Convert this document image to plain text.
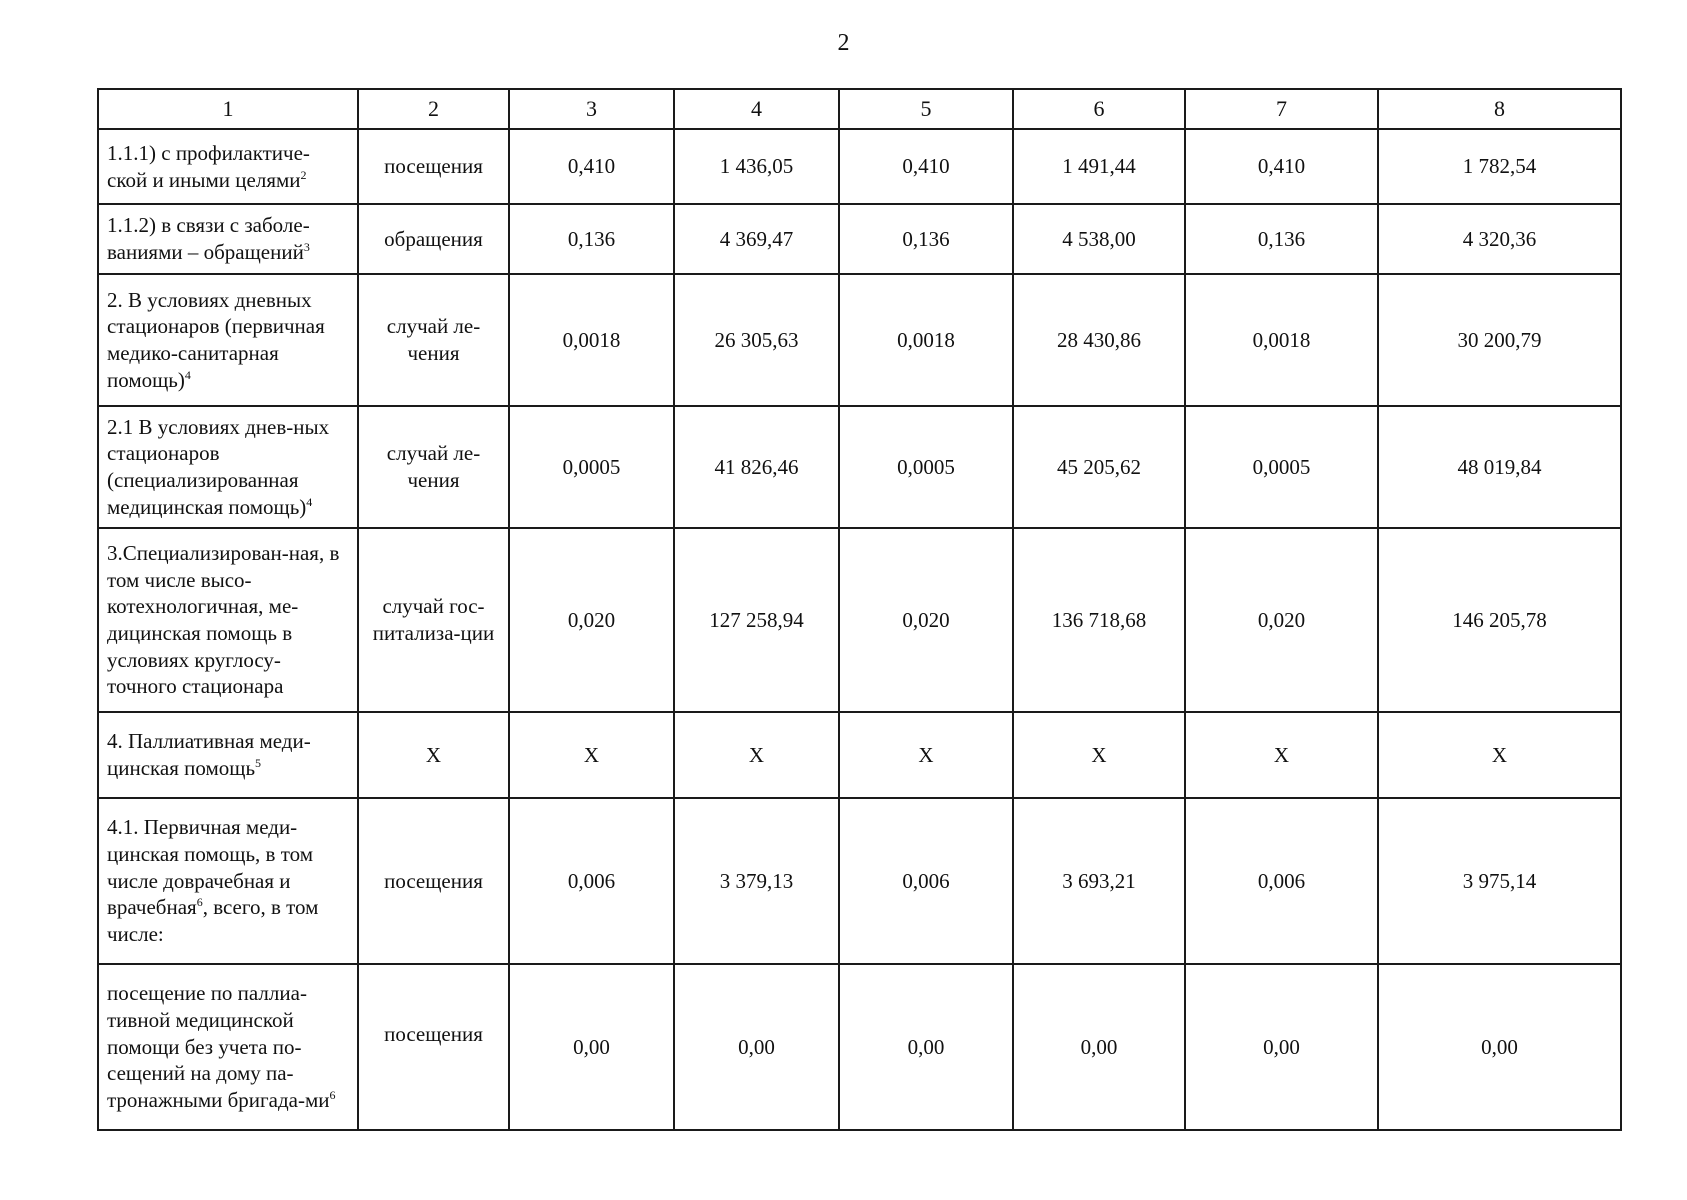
2
1	2	3	4	5	6	7	8
1.1.1) с профилактиче-ской и иными целями$^2$	посещения	0,410	1 436,05	0,410	1 491,44	0,410	1 782,54
1.1.2) в связи с заболе-ваниями – обращений$^3$	обращения	0,136	4 369,47	0,136	4 538,00	0,136	4 320,36
2. В условиях дневных стационаров (первичная медико-санитарная помощь)$^4$	случай ле-чения	0,0018	26 305,63	0,0018	28 430,86	0,0018	30 200,79
2.1 В условиях днев-ных стационаров (специализированная медицинская помощь)$^4$	случай ле-чения	0,0005	41 826,46	0,0005	45 205,62	0,0005	48 019,84
3.Специализирован-ная, в том числе высо-котехнологичная, ме-дицинская помощь в условиях круглосу-точного стационара	случай гос-питализа-ции	0,020	127 258,94	0,020	136 718,68	0,020	146 205,78
4. Паллиативная меди-цинская помощь$^5$	X	X	X	X	X	X	X
4.1. Первичная меди-цинская помощь, в том числе доврачебная и врачебная$^6$, всего, в том числе:	посещения	0,006	3 379,13	0,006	3 693,21	0,006	3 975,14
посещение по паллиа-тивной медицинской помощи без учета по-сещений на дому па-тронажными бригада-$ми^6$	посещения	0,00	0,00	0,00	0,00	0,00	0,00
